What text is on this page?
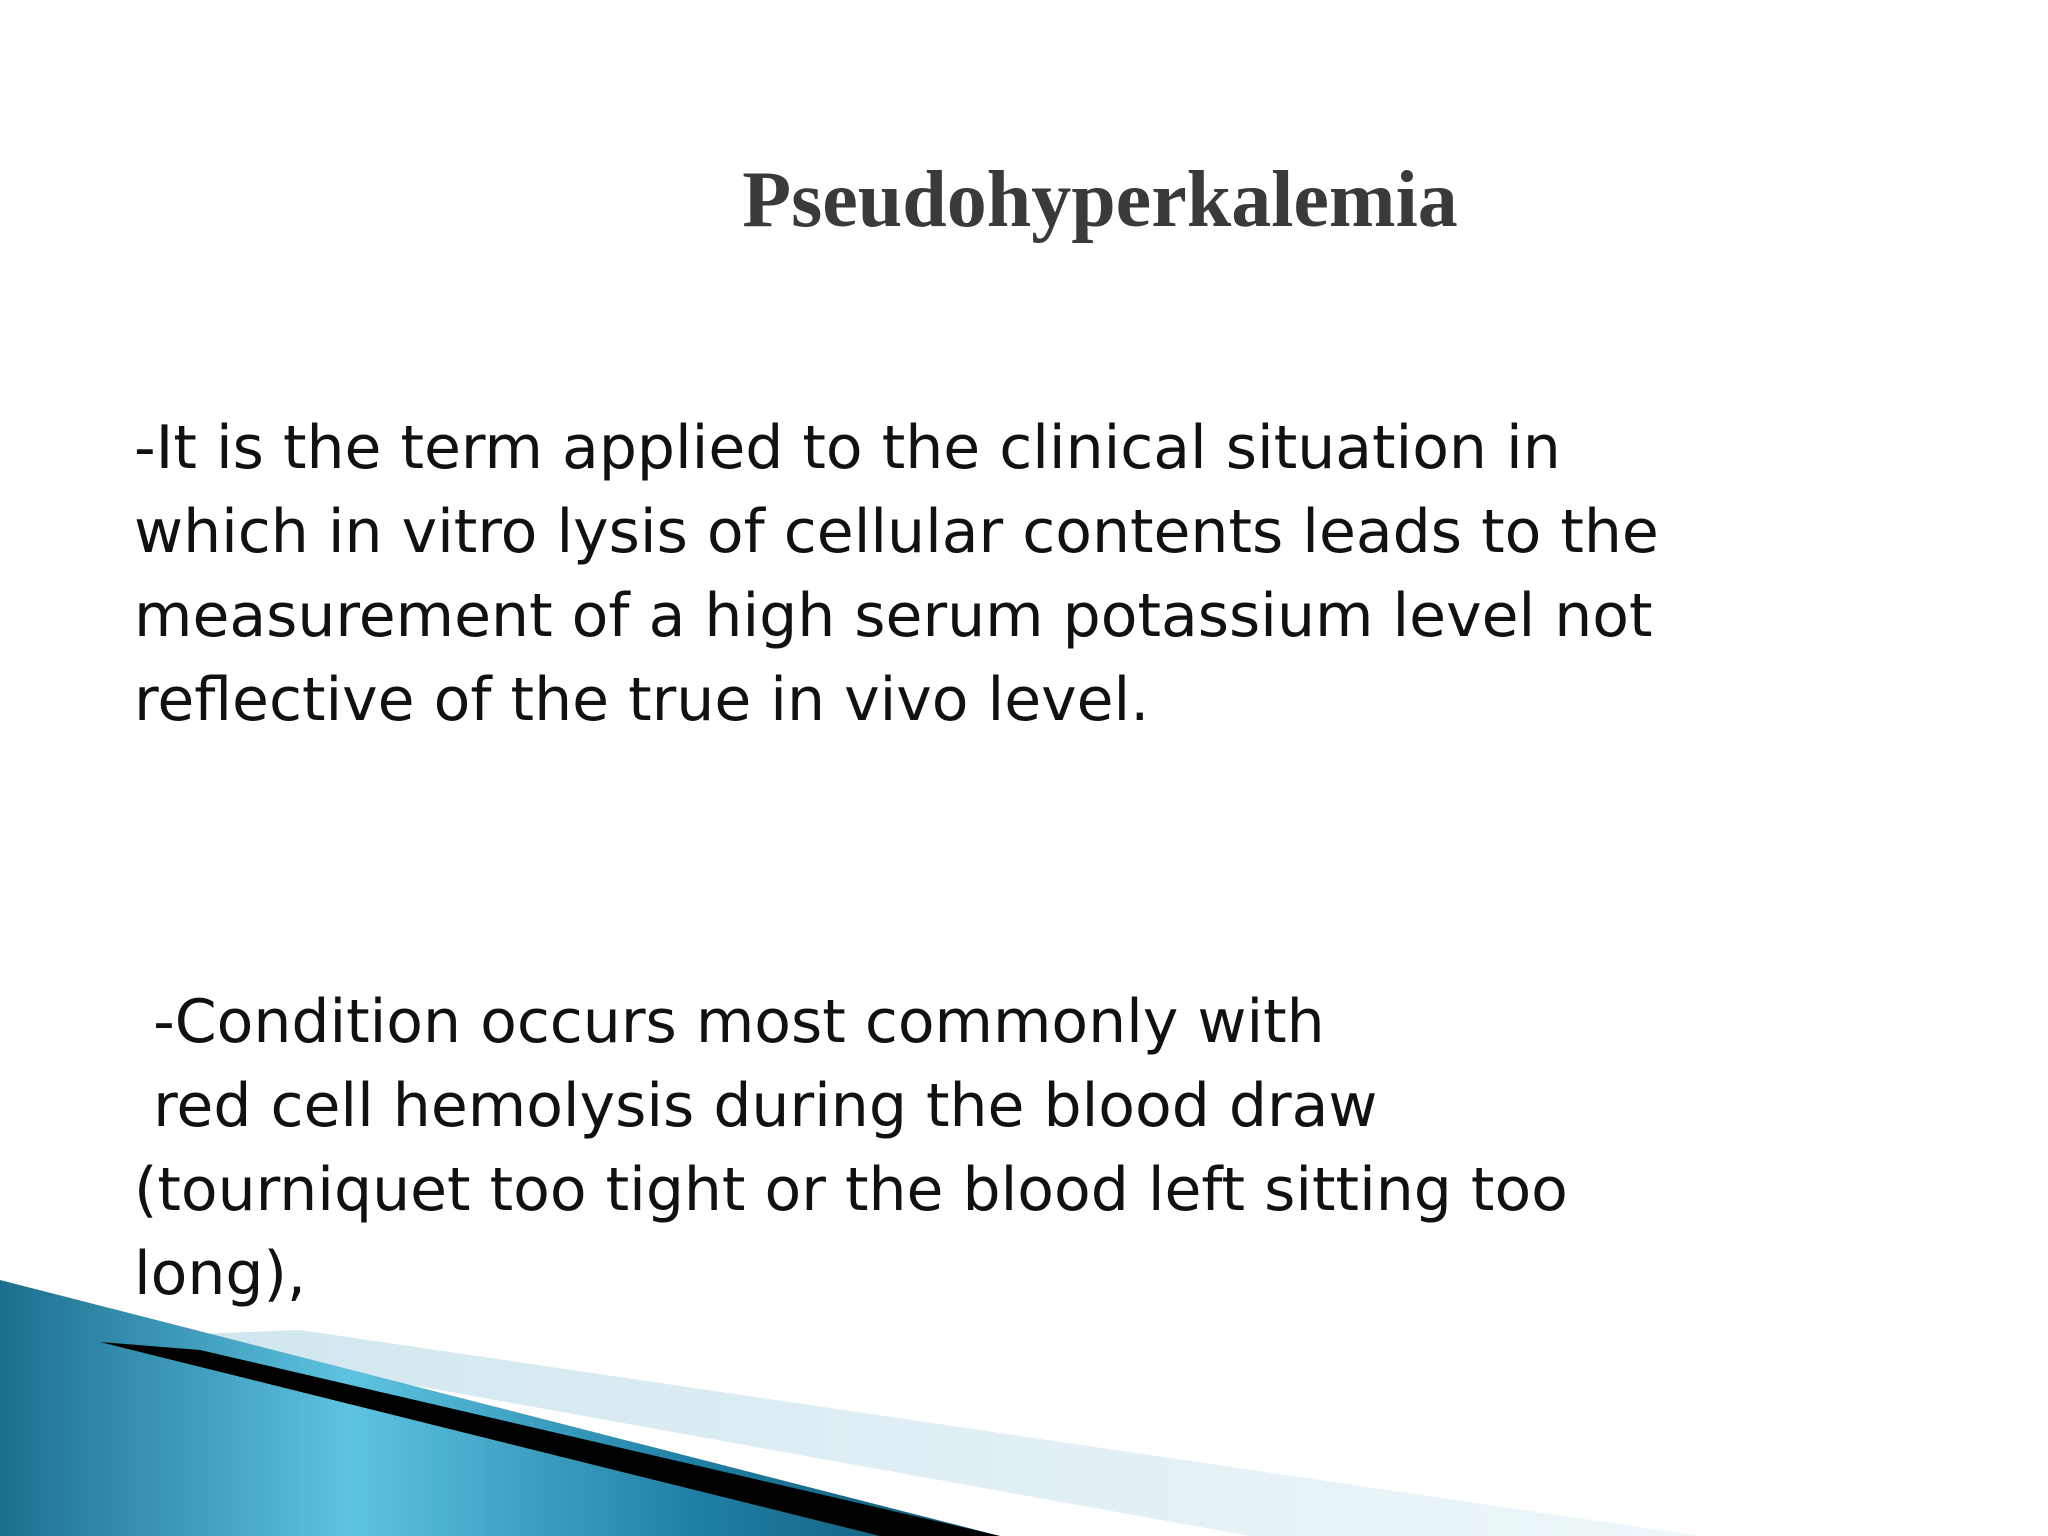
Pseudohyperkalemia
-It is the term applied to the clinical situation in
which in vitro lysis of cellular contents leads to the
measurement of a high serum potassium level not
reflective of the true in vivo level.
-Condition occurs most commonly with
red cell hemolysis during the blood draw
(tourniquet too tight or the blood left sitting too
long),
